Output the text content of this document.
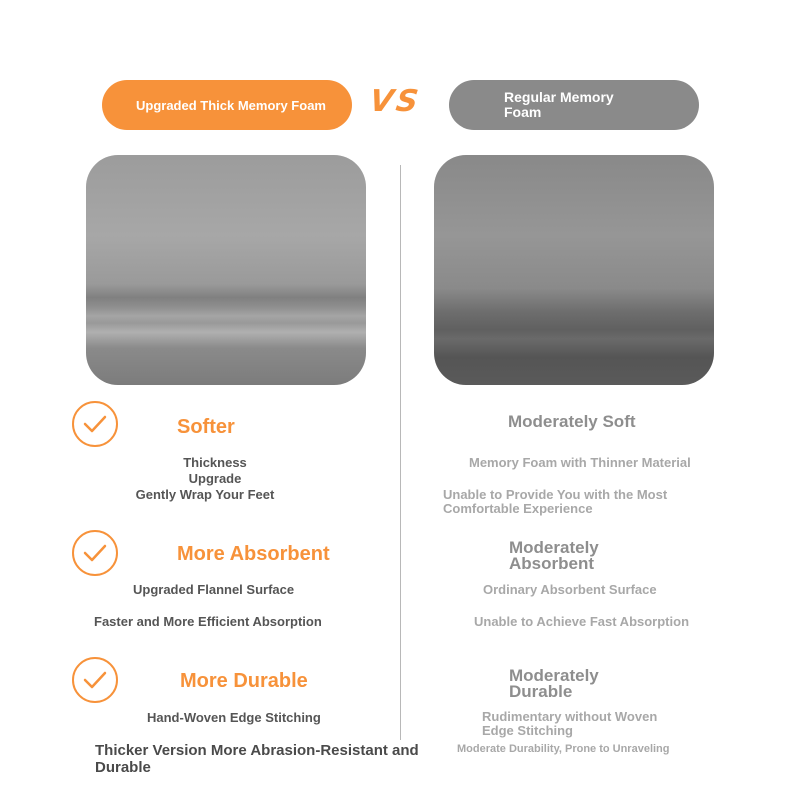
Upgraded Thick Memory Foam VS	Regular Memory Foam
Softer
Thickness Upgrade
Gently Wrap Your Feet
More Absorbent
Upgraded Flannel Surface
Faster and More Efficient Absorption
More Durable
Hand-Woven Edge Stitching
Thicker Version More Abrasion-Resistant and Durable
Moderately Soft
Memory Foam with Thinner Material
Unable to Provide You with the Most Comfortable Experience
Moderately Absorbent
Ordinary Absorbent Surface
Unable to Achieve Fast Absorption
Moderately Durable
Rudimentary without Woven Edge Stitching
Moderate Durability, Prone to Unraveling
